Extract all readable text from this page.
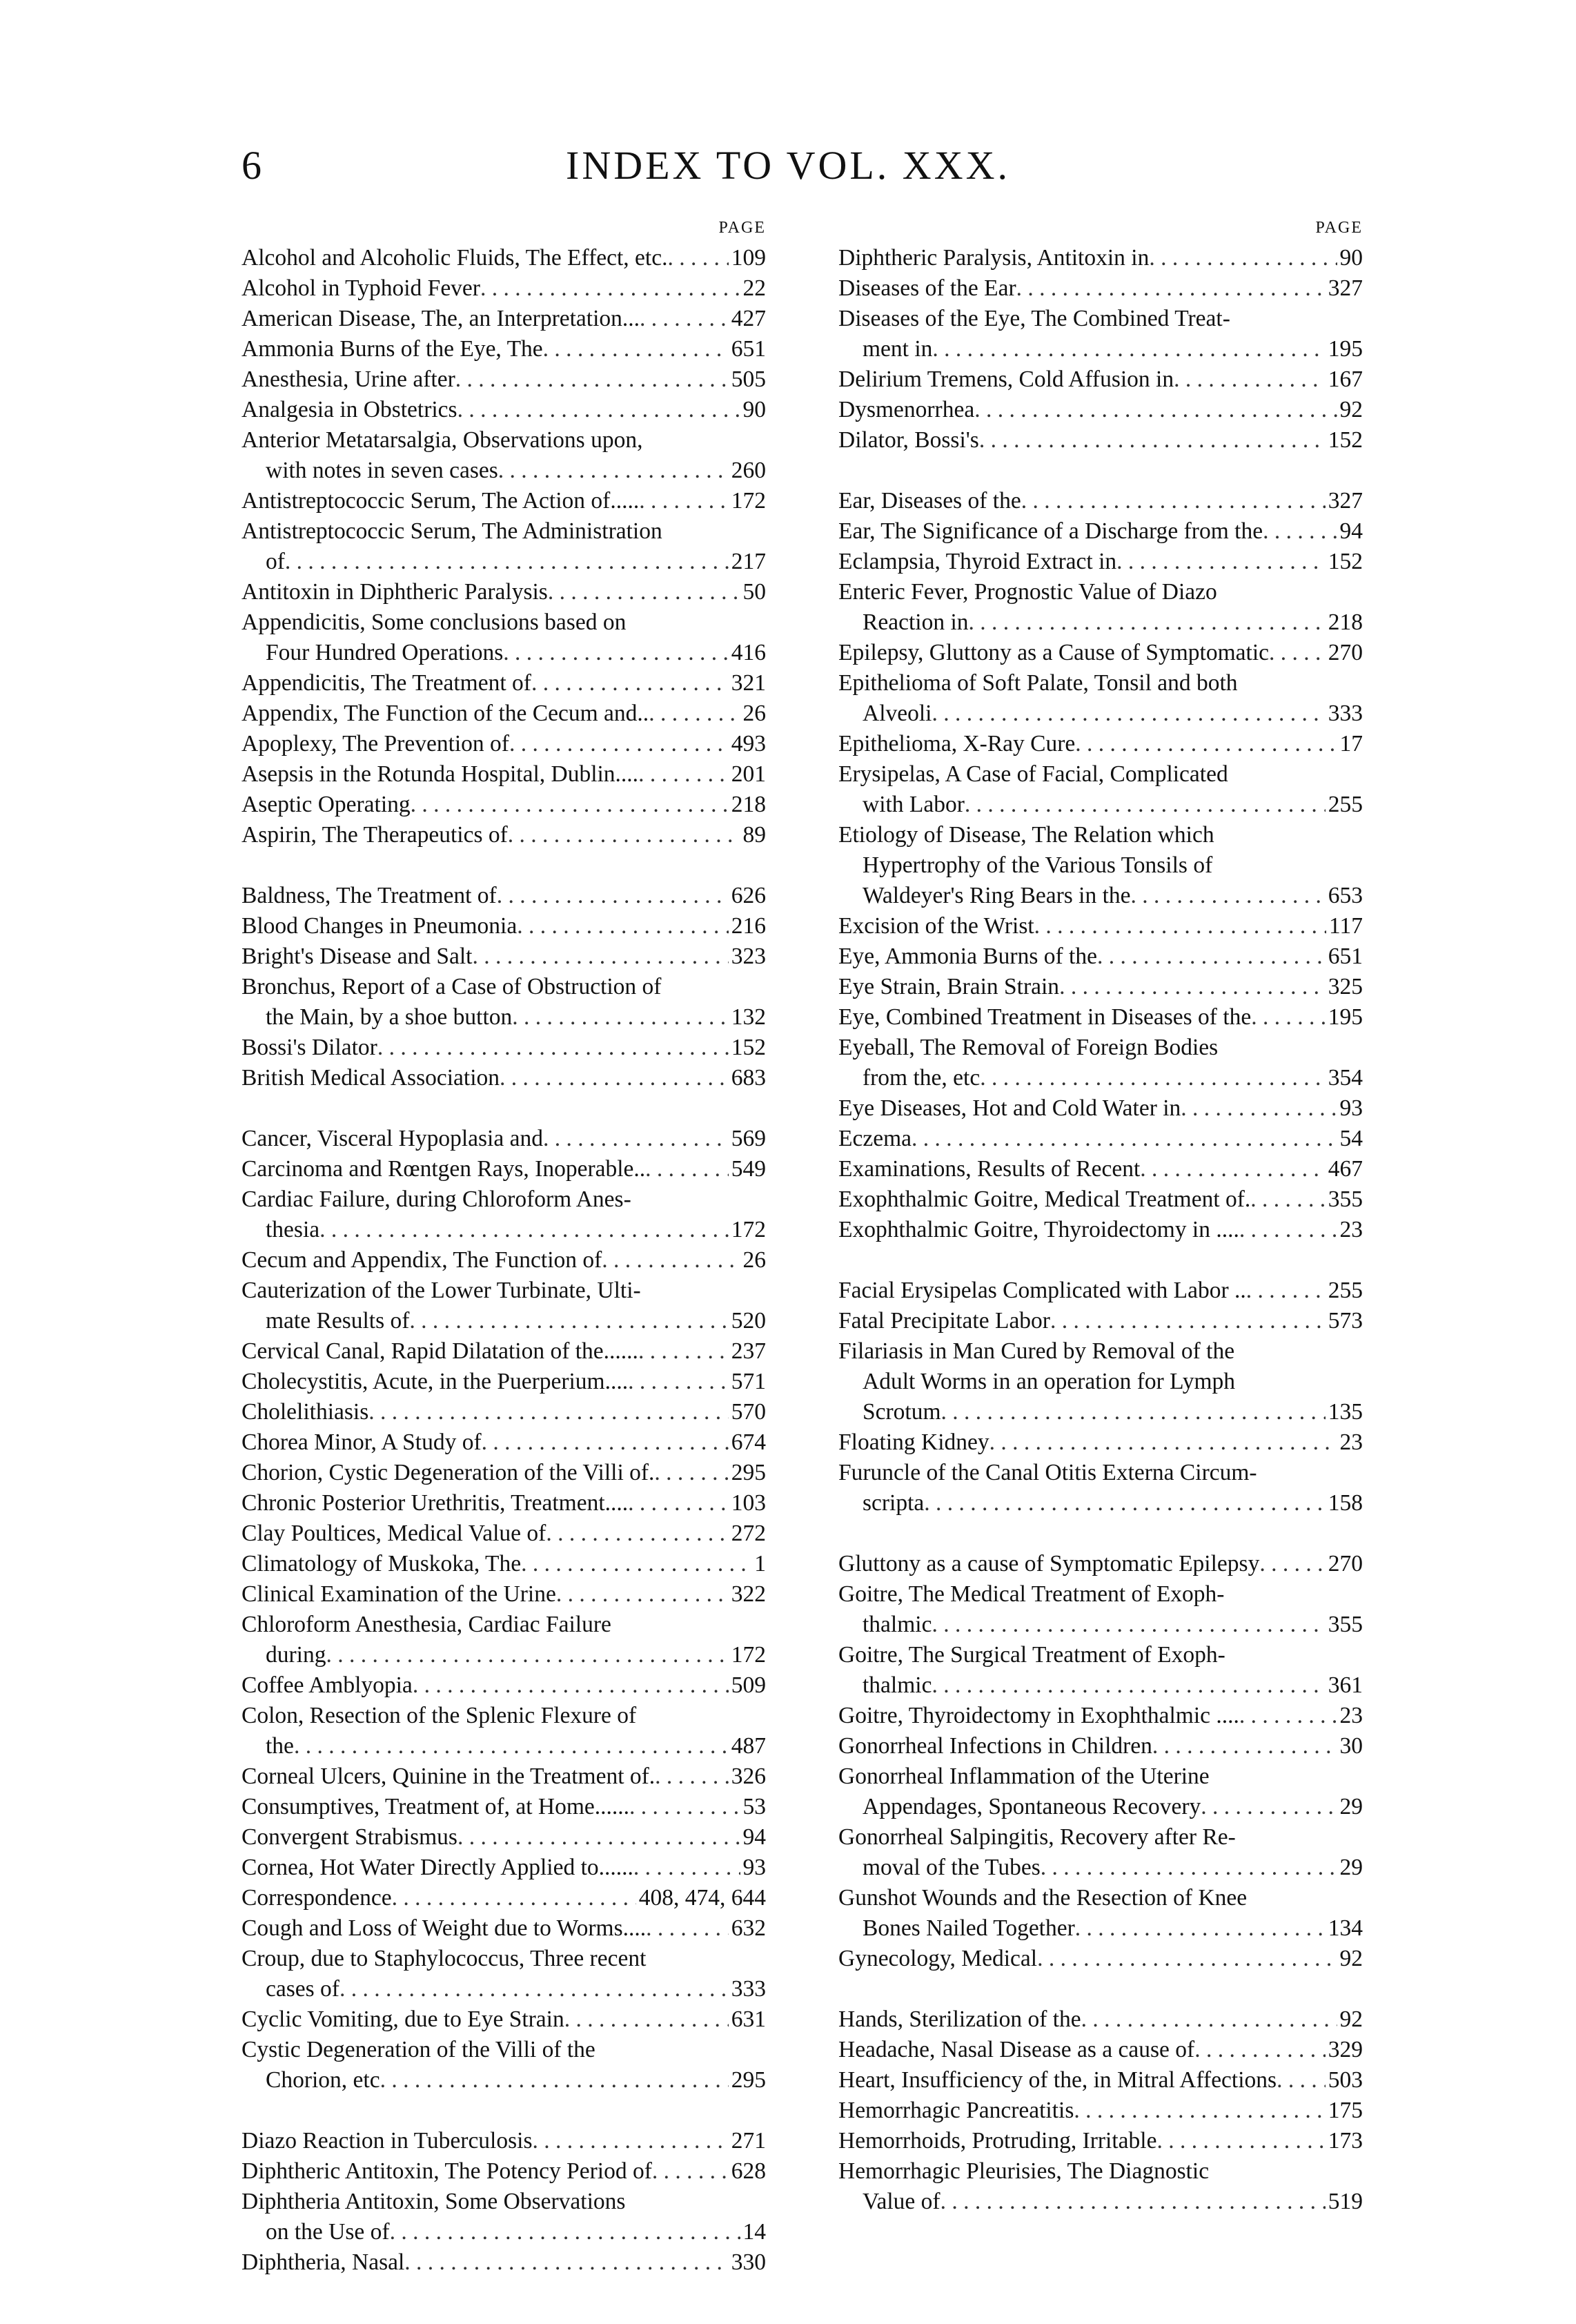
INDEX TO VOL. XXX.
6
PAGE
Alcohol and Alcoholic Fluids, The Effect, etc. . . .	109
Alcohol in Typhoid Fever . . .	22
American Disease, The, an Interpretation... . . .	427
Ammonia Burns of the Eye, The . . .	651
Anesthesia, Urine after . . .	505
Analgesia in Obstetrics . . .	90
Anterior Metatarsalgia, Observations upon,
with notes in seven cases . . .	260
Antistreptococcic Serum, The Action of..... . . .	172
Antistreptococcic Serum, The Administration
of . . .	217
Antitoxin in Diphtheric Paralysis . . .	50
Appendicitis, Some conclusions based on
Four Hundred Operations . . .	416
Appendicitis, The Treatment of . . .	321
Appendix, The Function of the Cecum and.. . . .	26
Apoplexy, The Prevention of . . .	493
Asepsis in the Rotunda Hospital, Dublin.... . . .	201
Aseptic Operating . . .	218
Aspirin, The Therapeutics of . . .	89
Baldness, The Treatment of . . .	626
Blood Changes in Pneumonia . . .	216
Bright's Disease and Salt . . .	323
Bronchus, Report of a Case of Obstruction of
the Main, by a shoe button . . .	132
Bossi's Dilator . . .	152
British Medical Association . . .	683
Cancer, Visceral Hypoplasia and . . .	569
Carcinoma and Rœntgen Rays, Inoperable.. . . .	549
Cardiac Failure, during Chloroform Anes-
thesia . . .	172
Cecum and Appendix, The Function of . . .	26
Cauterization of the Lower Turbinate, Ulti-
mate Results of . . .	520
Cervical Canal, Rapid Dilatation of the...... . . .	237
Cholecystitis, Acute, in the Puerperium.... . . .	571
Cholelithiasis . . .	570
Chorea Minor, A Study of . . .	674
Chorion, Cystic Degeneration of the Villi of. . . .	295
Chronic Posterior Urethritis, Treatment.... . . .	103
Clay Poultices, Medical Value of . . .	272
Climatology of Muskoka, The . . .	1
Clinical Examination of the Urine . . .	322
Chloroform Anesthesia, Cardiac Failure
during . . .	172
Coffee Amblyopia . . .	509
Colon, Resection of the Splenic Flexure of
the . . .	487
Corneal Ulcers, Quinine in the Treatment of. . . .	326
Consumptives, Treatment of, at Home...... . . .	53
Convergent Strabismus . . .	94
Cornea, Hot Water Directly Applied to...... . . .	93
Correspondence . . .	408, 474, 644
Cough and Loss of Weight due to Worms.... . . .	632
Croup, due to Staphylococcus, Three recent
cases of . . .	333
Cyclic Vomiting, due to Eye Strain . . .	631
Cystic Degeneration of the Villi of the
Chorion, etc . . .	295
Diazo Reaction in Tuberculosis . . .	271
Diphtheric Antitoxin, The Potency Period of . . .	628
Diphtheria Antitoxin, Some Observations
on the Use of . . .	14
Diphtheria, Nasal . . .	330
PAGE
Diphtheric Paralysis, Antitoxin in . . .	90
Diseases of the Ear . . .	327
Diseases of the Eye, The Combined Treat-
ment in . . .	195
Delirium Tremens, Cold Affusion in . . .	167
Dysmenorrhea . . .	92
Dilator, Bossi's . . .	152
Ear, Diseases of the . . .	327
Ear, The Significance of a Discharge from the . . .	94
Eclampsia, Thyroid Extract in . . .	152
Enteric Fever, Prognostic Value of Diazo
Reaction in . . .	218
Epilepsy, Gluttony as a Cause of Symptomatic . . .	270
Epithelioma of Soft Palate, Tonsil and both
Alveoli . . .	333
Epithelioma, X-Ray Cure . . .	17
Erysipelas, A Case of Facial, Complicated
with Labor . . .	255
Etiology of Disease, The Relation which
Hypertrophy of the Various Tonsils of
Waldeyer's Ring Bears in the . . .	653
Excision of the Wrist . . .	117
Eye, Ammonia Burns of the . . .	651
Eye Strain, Brain Strain . . .	325
Eye, Combined Treatment in Diseases of the . . .	195
Eyeball, The Removal of Foreign Bodies
from the, etc . . .	354
Eye Diseases, Hot and Cold Water in . . .	93
Eczema . . .	54
Examinations, Results of Recent . . .	467
Exophthalmic Goitre, Medical Treatment of. . . .	355
Exophthalmic Goitre, Thyroidectomy in .... . . .	23
Facial Erysipelas Complicated with Labor .. . . .	255
Fatal Precipitate Labor . . .	573
Filariasis in Man Cured by Removal of the
Adult Worms in an operation for Lymph
Scrotum . . .	135
Floating Kidney . . .	23
Furuncle of the Canal Otitis Externa Circum-
scripta . . .	158
Gluttony as a cause of Symptomatic Epilepsy . . .	270
Goitre, The Medical Treatment of Exoph-
thalmic . . .	355
Goitre, The Surgical Treatment of Exoph-
thalmic . . .	361
Goitre, Thyroidectomy in Exophthalmic .... . . .	23
Gonorrheal Infections in Children . . .	30
Gonorrheal Inflammation of the Uterine
Appendages, Spontaneous Recovery . . .	29
Gonorrheal Salpingitis, Recovery after Re-
moval of the Tubes . . .	29
Gunshot Wounds and the Resection of Knee
Bones Nailed Together . . .	134
Gynecology, Medical . . .	92
Hands, Sterilization of the . . .	92
Headache, Nasal Disease as a cause of . . .	329
Heart, Insufficiency of the, in Mitral Affections . . . 503
Hemorrhagic Pancreatitis . . .	175
Hemorrhoids, Protruding, Irritable . . .	173
Hemorrhagic Pleurisies, The Diagnostic
Value of . . .	519
